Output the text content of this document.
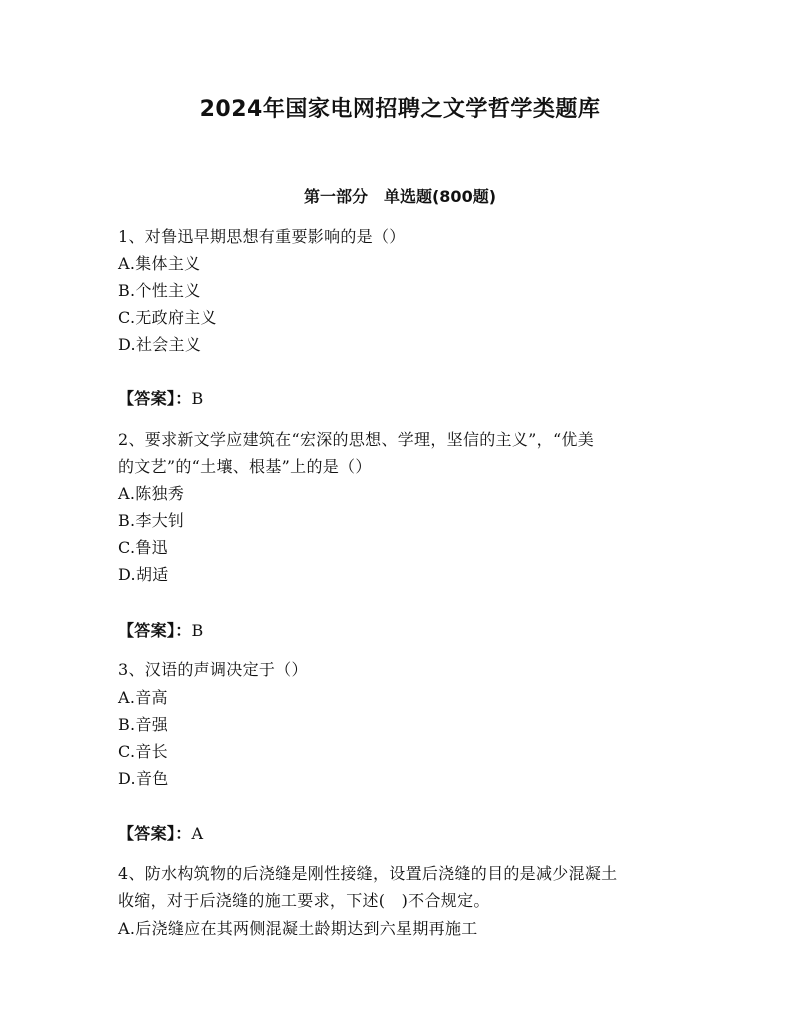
2024年国家电网招聘之文学哲学类题库
第一部分　单选题(800题)
1、对鲁迅早期思想有重要影响的是（）
A.集体主义
B.个性主义
C.无政府主义
D.社会主义
【答案】：B
2、要求新文学应建筑在“宏深的思想、学理，坚信的主义”，“优美
的文艺”的“土壤、根基”上的是（）
A.陈独秀
B.李大钊
C.鲁迅
D.胡适
【答案】：B
3、汉语的声调决定于（）
A.音高
B.音强
C.音长
D.音色
【答案】：A
4、防水构筑物的后浇缝是刚性接缝，设置后浇缝的目的是减少混凝土
收缩，对于后浇缝的施工要求，下述(　)不合规定。
A.后浇缝应在其两侧混凝土龄期达到六星期再施工
